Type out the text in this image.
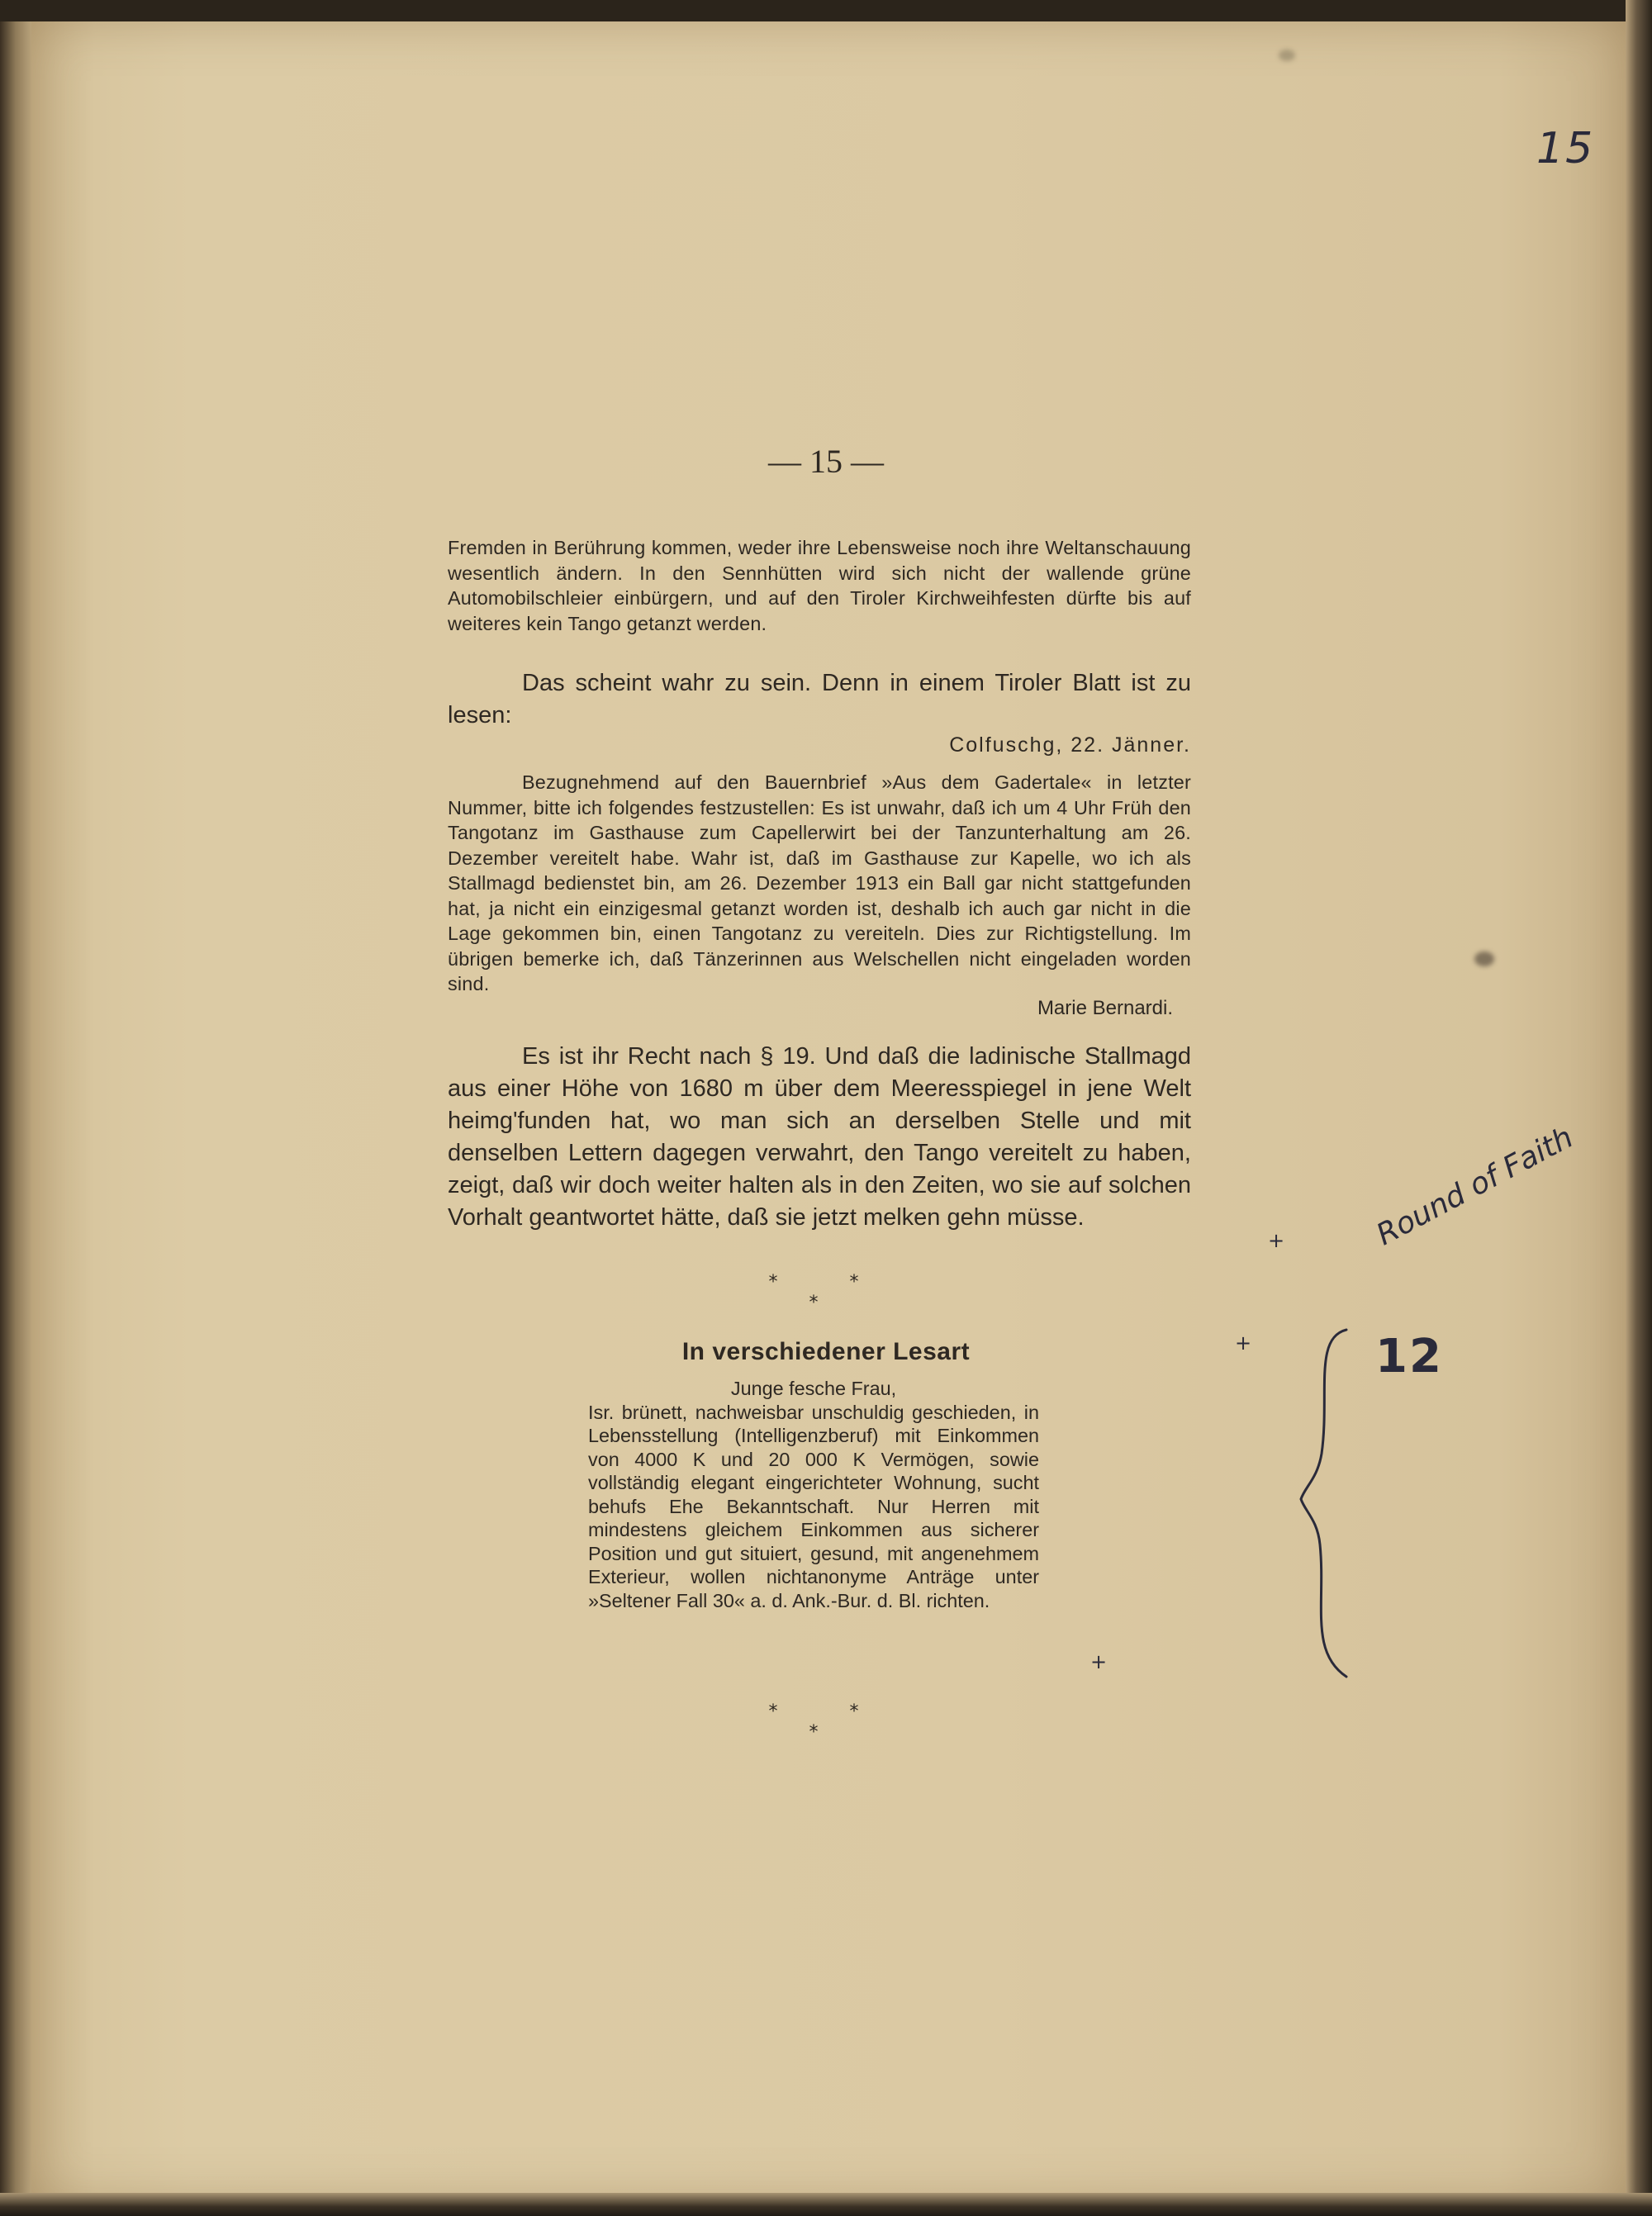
15

— 15 —

Fremden in Berührung kommen, weder ihre Lebensweise noch ihre Weltanschauung wesentlich ändern. In den Sennhütten wird sich nicht der wallende grüne Automobilschleier einbürgern, und auf den Tiroler Kirchweihfesten dürfte bis auf weiteres kein Tango getanzt werden.

Das scheint wahr zu sein. Denn in einem Tiroler Blatt ist zu lesen:

Colfuschg, 22. Jänner.

Bezugnehmend auf den Bauernbrief »Aus dem Gadertale« in letzter Nummer, bitte ich folgendes festzustellen: Es ist unwahr, daß ich um 4 Uhr Früh den Tangotanz im Gasthause zum Capellerwirt bei der Tanzunterhaltung am 26. Dezember vereitelt habe. Wahr ist, daß im Gasthause zur Kapelle, wo ich als Stallmagd bedienstet bin, am 26. Dezember 1913 ein Ball gar nicht stattgefunden hat, ja nicht ein einzigesmal getanzt worden ist, deshalb ich auch gar nicht in die Lage gekommen bin, einen Tangotanz zu vereiteln. Dies zur Richtigstellung. Im übrigen bemerke ich, daß Tänzerinnen aus Welschellen nicht eingeladen worden sind.

Marie Bernardi.

Es ist ihr Recht nach § 19. Und daß die ladinische Stallmagd aus einer Höhe von 1680 m über dem Meeresspiegel in jene Welt heimg'funden hat, wo man sich an derselben Stelle und mit denselben Lettern dagegen verwahrt, den Tango vereitelt zu haben, zeigt, daß wir doch weiter halten als in den Zeiten, wo sie auf solchen Vorhalt geantwortet hätte, daß sie jetzt melken gehn müsse.

* * *

In verschiedener Lesart

Junge fesche Frau,
Isr. brünett, nachweisbar unschuldig geschieden, in Lebensstellung (Intelligenzberuf) mit Einkommen von 4000 K und 20 000 K Vermögen, sowie vollständig elegant eingerichteter Wohnung, sucht behufs Ehe Bekanntschaft. Nur Herren mit mindestens gleichem Einkommen aus sicherer Position und gut situiert, gesund, mit angenehmem Exterieur, wollen nichtanonyme Anträge unter »Seltener Fall 30« a. d. Ank.-Bur. d. Bl. richten.

* * *

Round of Faith

12

+
+
+
